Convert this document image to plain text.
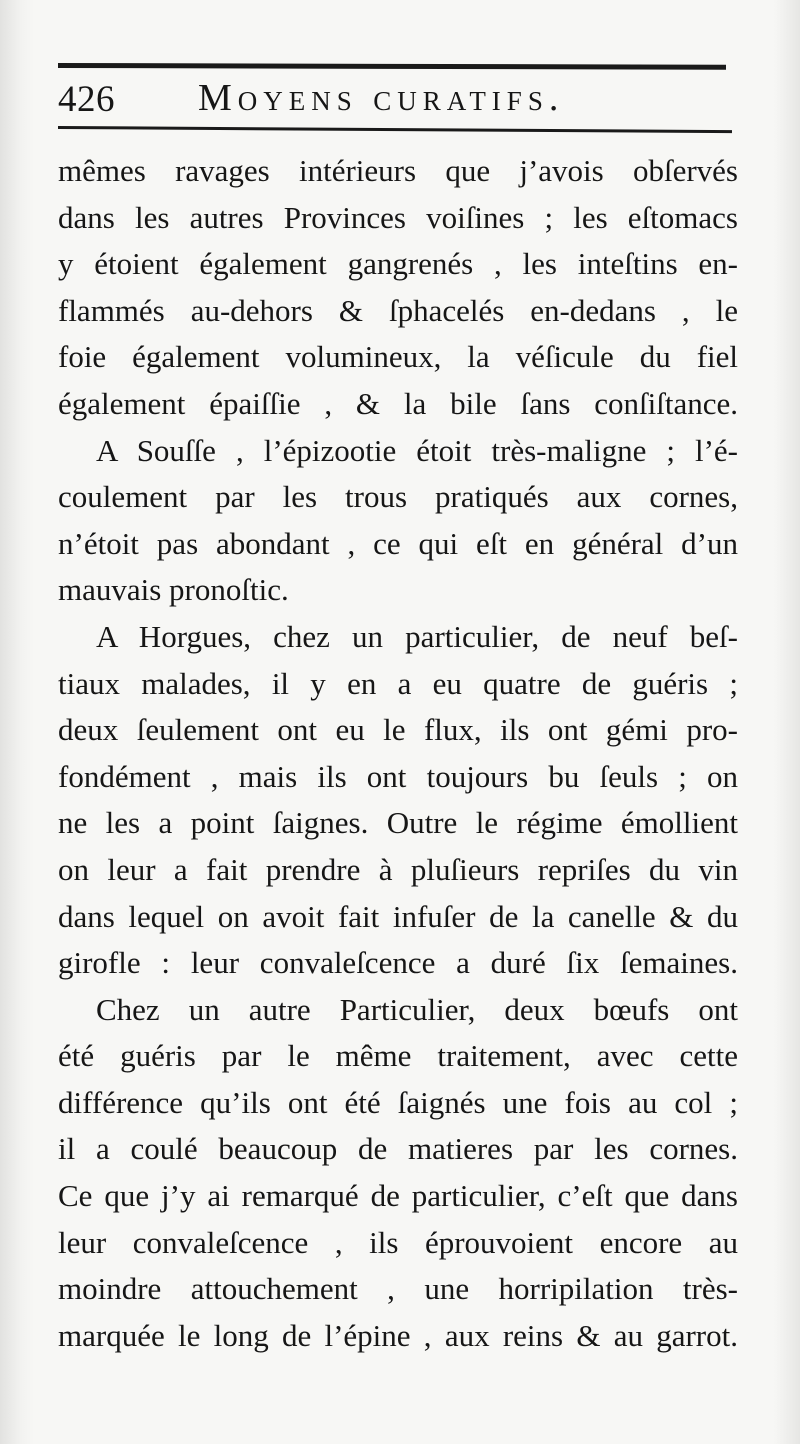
426 Moyens curatifs.
mêmes ravages intérieurs que j’avois obſervés
dans les autres Provinces voiſines ; les eſtomacs
y étoient également gangrenés , les inteſtins en-
flammés au-dehors & ſphacelés en-dedans , le
foie également volumineux, la véſicule du fiel
également épaiſſie , & la bile ſans conſiſtance.
A Souſſe , l’épizootie étoit très-maligne ; l’é-
coulement par les trous pratiqués aux cornes,
n’étoit pas abondant , ce qui eſt en général d’un
mauvais pronoſtic.
A Horgues, chez un particulier, de neuf beſ-
tiaux malades, il y en a eu quatre de guéris ;
deux ſeulement ont eu le flux, ils ont gémi pro-
fondément , mais ils ont toujours bu ſeuls ; on
ne les a point ſaignes. Outre le régime émollient
on leur a fait prendre à pluſieurs repriſes du vin
dans lequel on avoit fait infuſer de la canelle & du
girofle : leur convaleſcence a duré ſix ſemaines.
Chez un autre Particulier, deux bœufs ont
été guéris par le même traitement, avec cette
différence qu’ils ont été ſaignés une fois au col ;
il a coulé beaucoup de matieres par les cornes.
Ce que j’y ai remarqué de particulier, c’eſt que dans
leur convaleſcence , ils éprouvoient encore au
moindre attouchement , une horripilation très-
marquée le long de l’épine , aux reins & au garrot.
